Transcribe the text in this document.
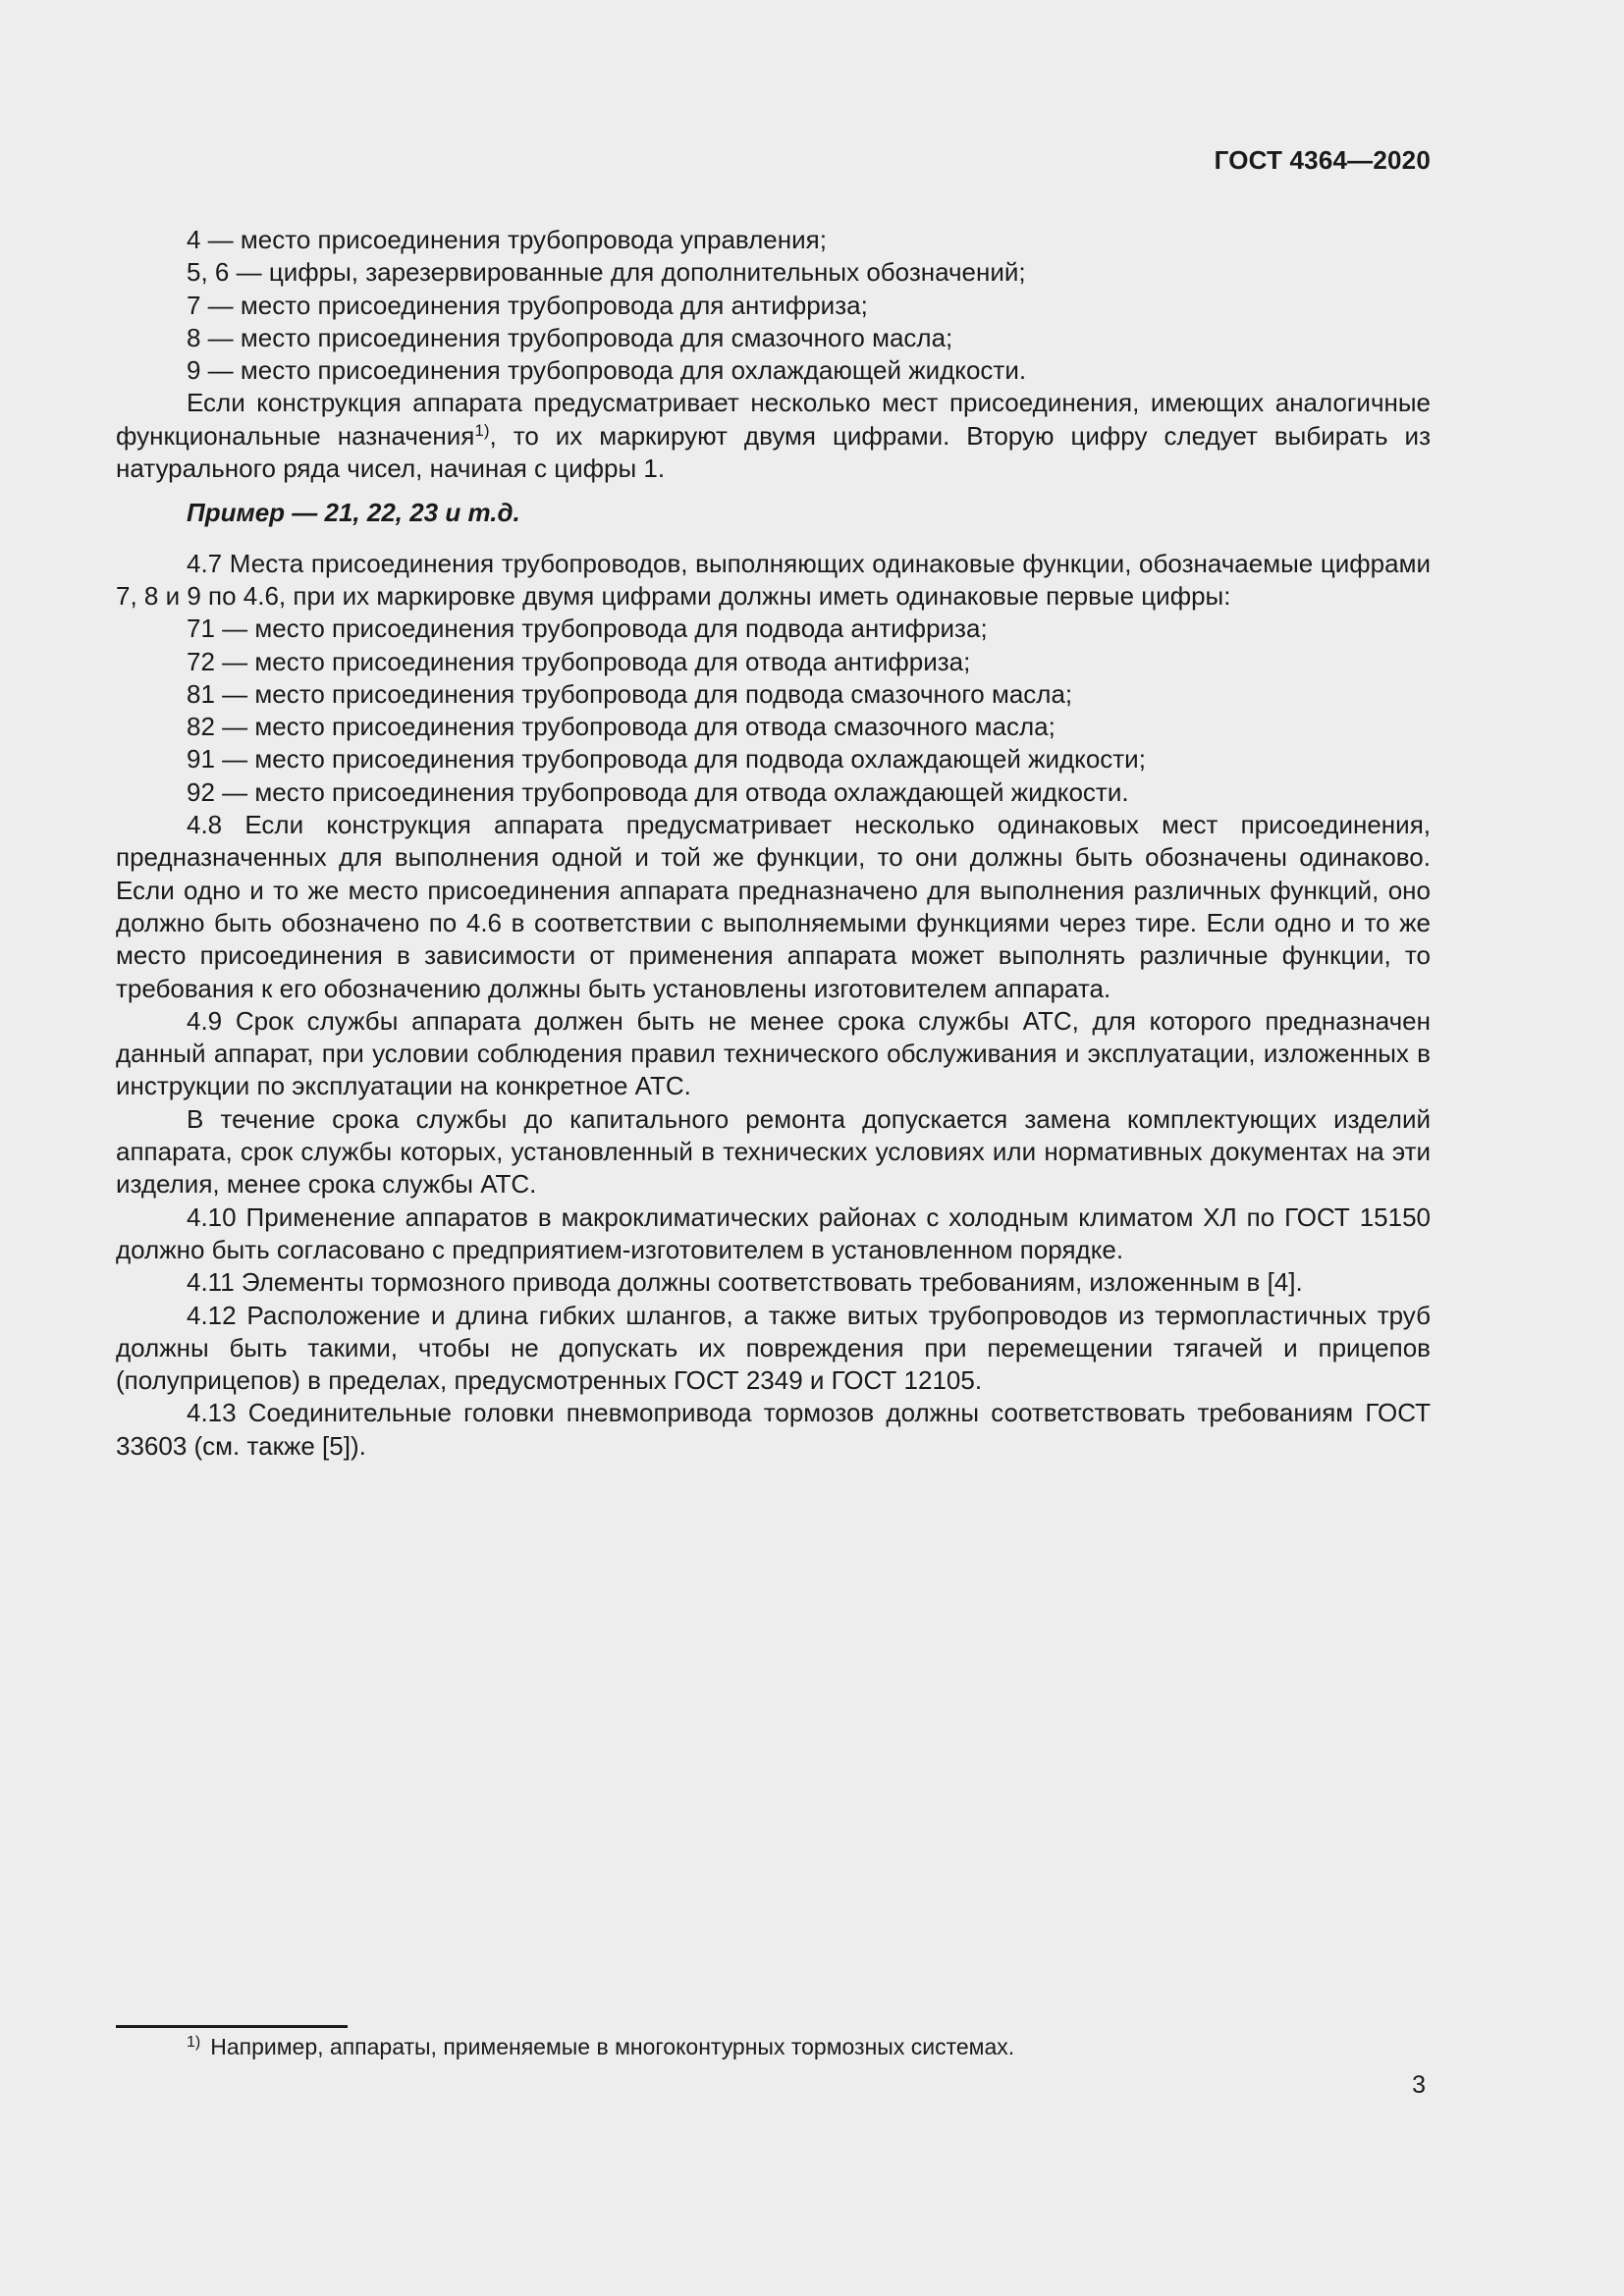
ГОСТ 4364—2020

4 — место присоединения трубопровода управления;

5, 6 — цифры, зарезервированные для дополнительных обозначений;

7 — место присоединения трубопровода для антифриза;

8 — место присоединения трубопровода для смазочного масла;

9 — место присоединения трубопровода для охлаждающей жидкости.

Если конструкция аппарата предусматривает несколько мест присоединения, имеющих аналогичные функциональные назначения$^{1)}$, то их маркируют двумя цифрами. Вторую цифру следует выбирать из натурального ряда чисел, начиная с цифры 1.

Пример — 21, 22, 23 и т.д.

4.7 Места присоединения трубопроводов, выполняющих одинаковые функции, обозначаемые цифрами 7, 8 и 9 по 4.6, при их маркировке двумя цифрами должны иметь одинаковые первые цифры:

71 — место присоединения трубопровода для подвода антифриза;

72 — место присоединения трубопровода для отвода антифриза;

81 — место присоединения трубопровода для подвода смазочного масла;

82 — место присоединения трубопровода для отвода смазочного масла;

91 — место присоединения трубопровода для подвода охлаждающей жидкости;

92 — место присоединения трубопровода для отвода охлаждающей жидкости.

4.8 Если конструкция аппарата предусматривает несколько одинаковых мест присоединения, предназначенных для выполнения одной и той же функции, то они должны быть обозначены одинаково. Если одно и то же место присоединения аппарата предназначено для выполнения различных функций, оно должно быть обозначено по 4.6 в соответствии с выполняемыми функциями через тире. Если одно и то же место присоединения в зависимости от применения аппарата может выполнять различные функции, то требования к его обозначению должны быть установлены изготовителем аппарата.

4.9 Срок службы аппарата должен быть не менее срока службы АТС, для которого предназначен данный аппарат, при условии соблюдения правил технического обслуживания и эксплуатации, изложенных в инструкции по эксплуатации на конкретное АТС.

В течение срока службы до капитального ремонта допускается замена комплектующих изделий аппарата, срок службы которых, установленный в технических условиях или нормативных документах на эти изделия, менее срока службы АТС.

4.10 Применение аппаратов в макроклиматических районах с холодным климатом ХЛ по ГОСТ 15150 должно быть согласовано с предприятием-изготовителем в установленном порядке.

4.11 Элементы тормозного привода должны соответствовать требованиям, изложенным в [4].

4.12 Расположение и длина гибких шлангов, а также витых трубопроводов из термопластичных труб должны быть такими, чтобы не допускать их повреждения при перемещении тягачей и прицепов (полуприцепов) в пределах, предусмотренных ГОСТ 2349 и ГОСТ 12105.

4.13 Соединительные головки пневмопривода тормозов должны соответствовать требованиям ГОСТ 33603 (см. также [5]).

$^{1)}$ Например, аппараты, применяемые в многоконтурных тормозных системах.
3
